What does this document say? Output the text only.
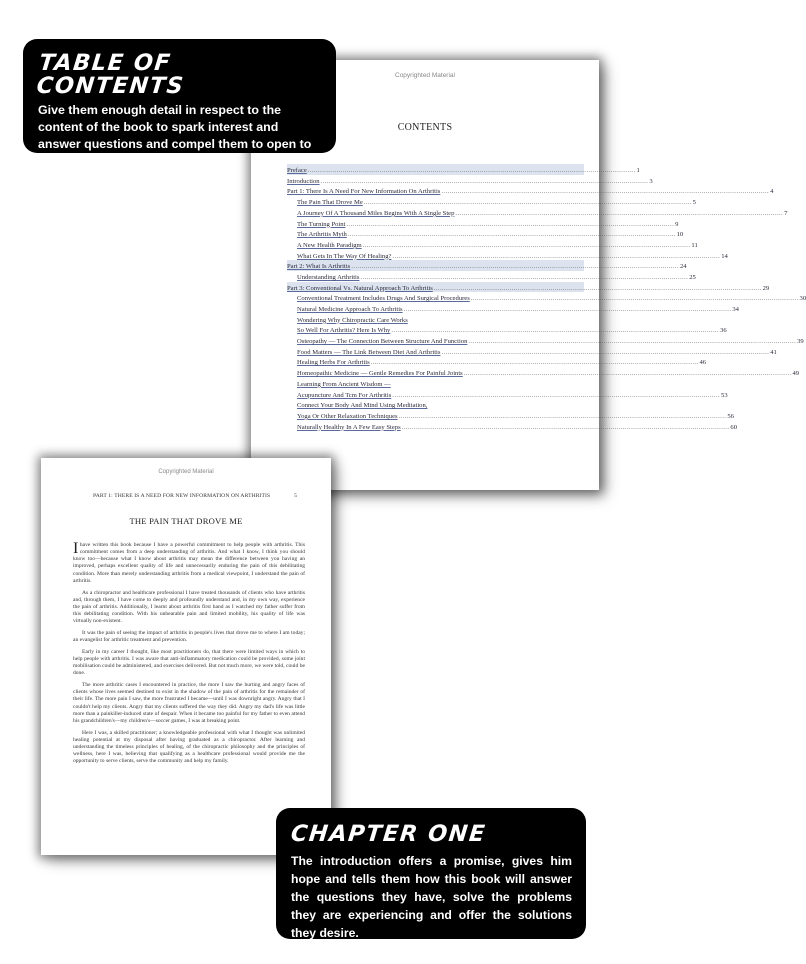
Copyrighted Material
CONTENTS
Preface ................................................................................................................................................................ 1
Introduction ................................................................................................................................................................ 3
Part 1: There Is A Need For New Information On Arthritis ................................................................................................................................................................ 4
The Pain That Drove Me ................................................................................................................................................................ 5
A Journey Of A Thousand Miles Begins With A Single Step ................................................................................................................................................................ 7
The Turning Point ................................................................................................................................................................ 9
The Arthritis Myth ................................................................................................................................................................ 10
A New Health Paradigm ................................................................................................................................................................ 11
What Gets In The Way Of Healing? ................................................................................................................................................................ 14
Part 2: What Is Arthritis ................................................................................................................................................................ 24
Understanding Arthritis ................................................................................................................................................................ 25
Part 3: Conventional Vs. Natural Approach To Arthritis ................................................................................................................................................................ 29
Conventional Treatment Includes Drugs And Surgical Procedures ................................................................................................................................................................ 30
Natural Medicine Approach To Arthritis ................................................................................................................................................................ 34
Wondering Why Chiropractic Care Works
So Well For Arthritis? Here Is Why ................................................................................................................................................................ 36
Osteopathy — The Connection Between Structure And Function ................................................................................................................................................................ 39
Food Matters — The Link Between Diet And Arthritis ................................................................................................................................................................ 41
Healing Herbs For Arthritis ................................................................................................................................................................ 46
Homeopathic Medicine — Gentle Remedies For Painful Joints ................................................................................................................................................................ 49
Learning From Ancient Wisdom —
Acupuncture And Tcm For Arthritis ................................................................................................................................................................ 53
Connect Your Body And Mind Using Meditation,
Yoga Or Other Relaxation Techniques ................................................................................................................................................................ 56
Naturally Healthy In A Few Easy Steps ................................................................................................................................................................ 60
Copyrighted Material
PART 1: THERE IS A NEED FOR NEW INFORMATION ON ARTHRITIS	5
THE PAIN THAT DROVE ME

Ihave written this book because I have a powerful commitment to help people with arthritis. This commitment comes from a deep understanding of arthritis. And what I know, I think you should know too—because what I know about arthritis may mean the difference between you having an improved, perhaps excellent quality of life and unnecessarily enduring the pain of this debilitating condition. More than merely understanding arthritis from a medical viewpoint, I understand the pain of arthritis.

As a chiropractor and healthcare professional I have treated thousands of clients who have arthritis and, through them, I have come to deeply and profoundly understand and, in my own way, experience the pain of arthritis. Additionally, I learnt about arthritis first hand as I watched my father suffer from this debilitating condition. With his unbearable pain and limited mobility, his quality of life was virtually non-existent.

It was the pain of seeing the impact of arthritis in people's lives that drove me to where I am today; an evangelist for arthritic treatment and prevention.

Early in my career I thought, like most practitioners do, that there were limited ways in which to help people with arthritis. I was aware that anti-inflammatory medication could be provided, some joint mobilisation could be administered, and exercises delivered. But not much more, we were told, could be done.

The more arthritic cases I encountered in practice, the more I saw the hurting and angry faces of clients whose lives seemed destined to exist in the shadow of the pain of arthritis for the remainder of their life. The more pain I saw, the more frustrated I became—until I was downright angry. Angry that I couldn't help my clients. Angry that my clients suffered the way they did. Angry my dad's life was little more than a painkiller-induced state of despair. When it became too painful for my father to even attend his grandchildren's—my children's—soccer games, I was at breaking point.

Here I was, a skilled practitioner; a knowledgeable professional with what I thought was unlimited healing potential at my disposal after having graduated as a chiropractor. After learning and understanding the timeless principles of healing, of the chiropractic philosophy and the principles of wellness, here I was, believing that qualifying as a healthcare professional would provide me the opportunity to serve clients, serve the community and help my family.

TABLE OF CONTENTS
Give them enough detail in respect to the content of the book to spark interest and answer questions and compel them to open to the introduction.
CHAPTER ONE
The introduction offers a promise, gives him hope and tells them how this book will answer the questions they have, solve the problems they are experiencing and offer the solutions they desire.
